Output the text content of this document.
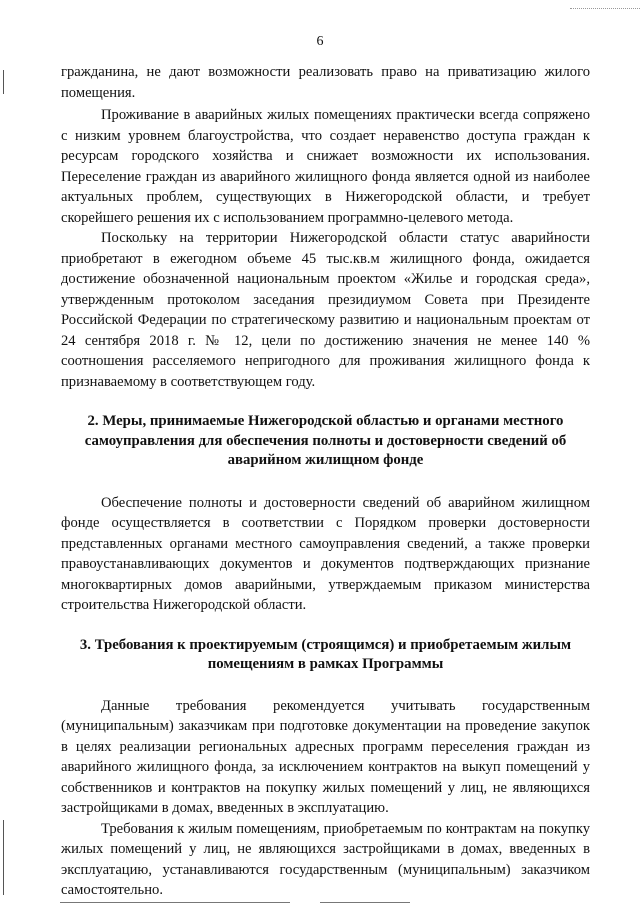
6

гражданина, не дают возможности реализовать право на приватизацию жилого помещения.

Проживание в аварийных жилых помещениях практически всегда сопряжено с низким уровнем благоустройства, что создает неравенство доступа граждан к ресурсам городского хозяйства и снижает возможности их использования. Переселение граждан из аварийного жилищного фонда является одной из наиболее актуальных проблем, существующих в Нижегородской области, и требует скорейшего решения их с использованием программно-целевого метода.

Поскольку на территории Нижегородской области статус аварийности приобретают в ежегодном объеме 45 тыс.кв.м жилищного фонда, ожидается достижение обозначенной национальным проектом «Жилье и городская среда», утвержденным протоколом заседания президиумом Совета при Президенте Российской Федерации по стратегическому развитию и национальным проектам от 24 сентября 2018 г. № 12, цели по достижению значения не менее 140 % соотношения расселяемого непригодного для проживания жилищного фонда к признаваемому в соответствующем году.

2. Меры, принимаемые Нижегородской областью и органами местного самоуправления для обеспечения полноты и достоверности сведений об аварийном жилищном фонде

Обеспечение полноты и достоверности сведений об аварийном жилищном фонде осуществляется в соответствии с Порядком проверки достоверности представленных органами местного самоуправления сведений, а также проверки правоустанавливающих документов и документов подтверждающих признание многоквартирных домов аварийными, утверждаемым приказом министерства строительства Нижегородской области.

3. Требования к проектируемым (строящимся) и приобретаемым жилым помещениям в рамках Программы

Данные требования рекомендуется учитывать государственным (муниципальным) заказчикам при подготовке документации на проведение закупок в целях реализации региональных адресных программ переселения граждан из аварийного жилищного фонда, за исключением контрактов на выкуп помещений у собственников и контрактов на покупку жилых помещений у лиц, не являющихся застройщиками в домах, введенных в эксплуатацию.

Требования к жилым помещениям, приобретаемым по контрактам на покупку жилых помещений у лиц, не являющихся застройщиками в домах, введенных в эксплуатацию, устанавливаются государственным (муниципальным) заказчиком самостоятельно.
